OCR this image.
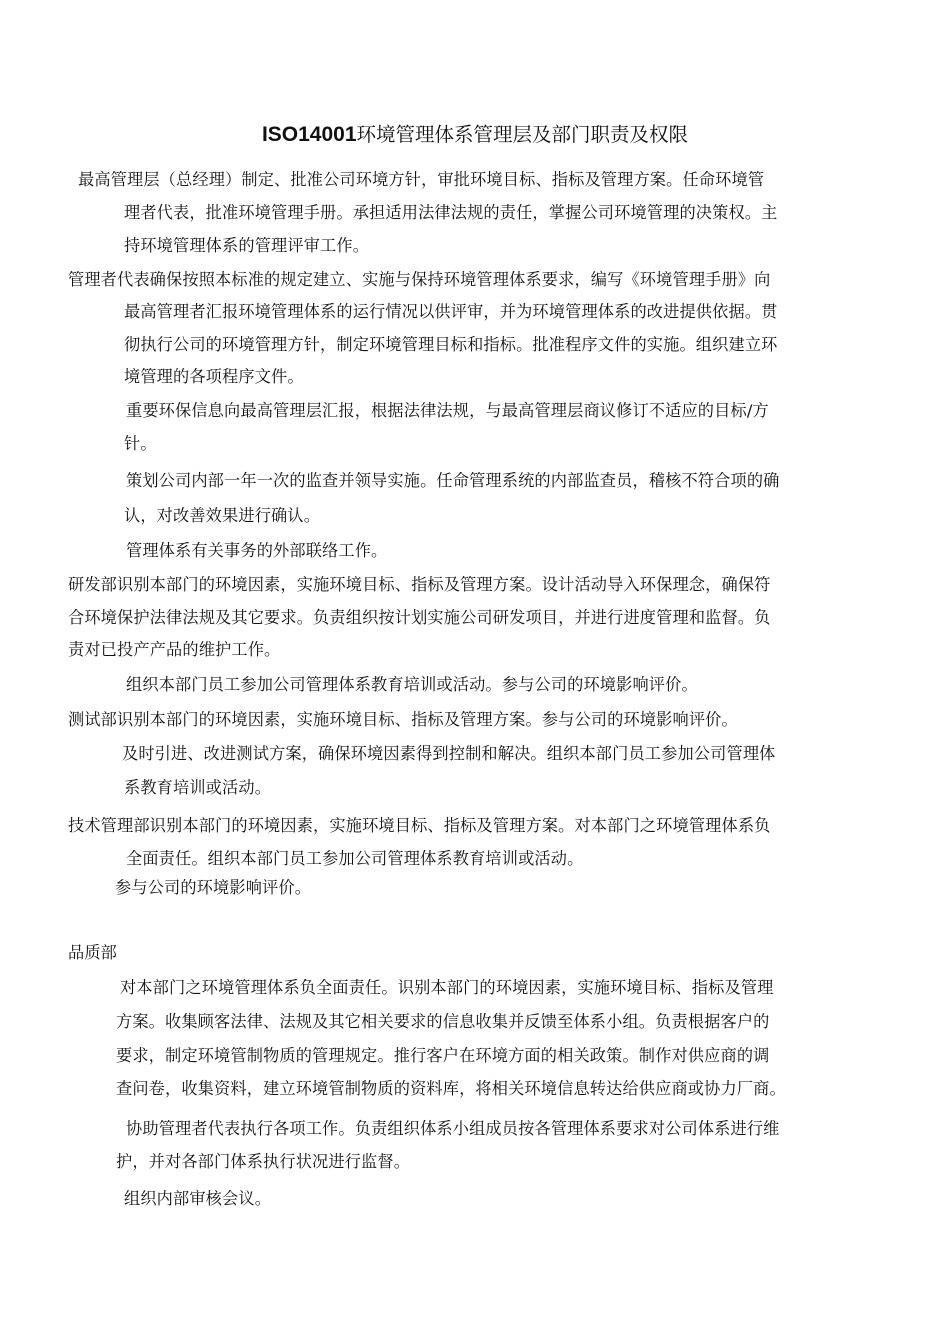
ISO14001环境管理体系管理层及部门职责及权限
最高管理层（总经理）制定、批准公司环境方针，审批环境目标、指标及管理方案。任命环境管
理者代表，批准环境管理手册。承担适用法律法规的责任，掌握公司环境管理的决策权。主
持环境管理体系的管理评审工作。
管理者代表确保按照本标准的规定建立、实施与保持环境管理体系要求，编写《环境管理手册》向
最高管理者汇报环境管理体系的运行情况以供评审，并为环境管理体系的改进提供依据。贯
彻执行公司的环境管理方针，制定环境管理目标和指标。批准程序文件的实施。组织建立环
境管理的各项程序文件。
重要环保信息向最高管理层汇报，根据法律法规，与最高管理层商议修订不适应的目标/方
针。
策划公司内部一年一次的监查并领导实施。任命管理系统的内部监查员，稽核不符合项的确
认，对改善效果进行确认。
管理体系有关事务的外部联络工作。
研发部识别本部门的环境因素，实施环境目标、指标及管理方案。设计活动导入环保理念，确保符
合环境保护法律法规及其它要求。负责组织按计划实施公司研发项目，并进行进度管理和监督。负
责对已投产产品的维护工作。
组织本部门员工参加公司管理体系教育培训或活动。参与公司的环境影响评价。
测试部识别本部门的环境因素，实施环境目标、指标及管理方案。参与公司的环境影响评价。
及时引进、改进测试方案，确保环境因素得到控制和解决。组织本部门员工参加公司管理体
系教育培训或活动。
技术管理部识别本部门的环境因素，实施环境目标、指标及管理方案。对本部门之环境管理体系负
全面责任。组织本部门员工参加公司管理体系教育培训或活动。
参与公司的环境影响评价。
品质部
对本部门之环境管理体系负全面责任。识别本部门的环境因素，实施环境目标、指标及管理
方案。收集顾客法律、法规及其它相关要求的信息收集并反馈至体系小组。负责根据客户的
要求，制定环境管制物质的管理规定。推行客户在环境方面的相关政策。制作对供应商的调
查问卷，收集资料，建立环境管制物质的资料库，将相关环境信息转达给供应商或协力厂商。
协助管理者代表执行各项工作。负责组织体系小组成员按各管理体系要求对公司体系进行维
护，并对各部门体系执行状况进行监督。
组织内部审核会议。
